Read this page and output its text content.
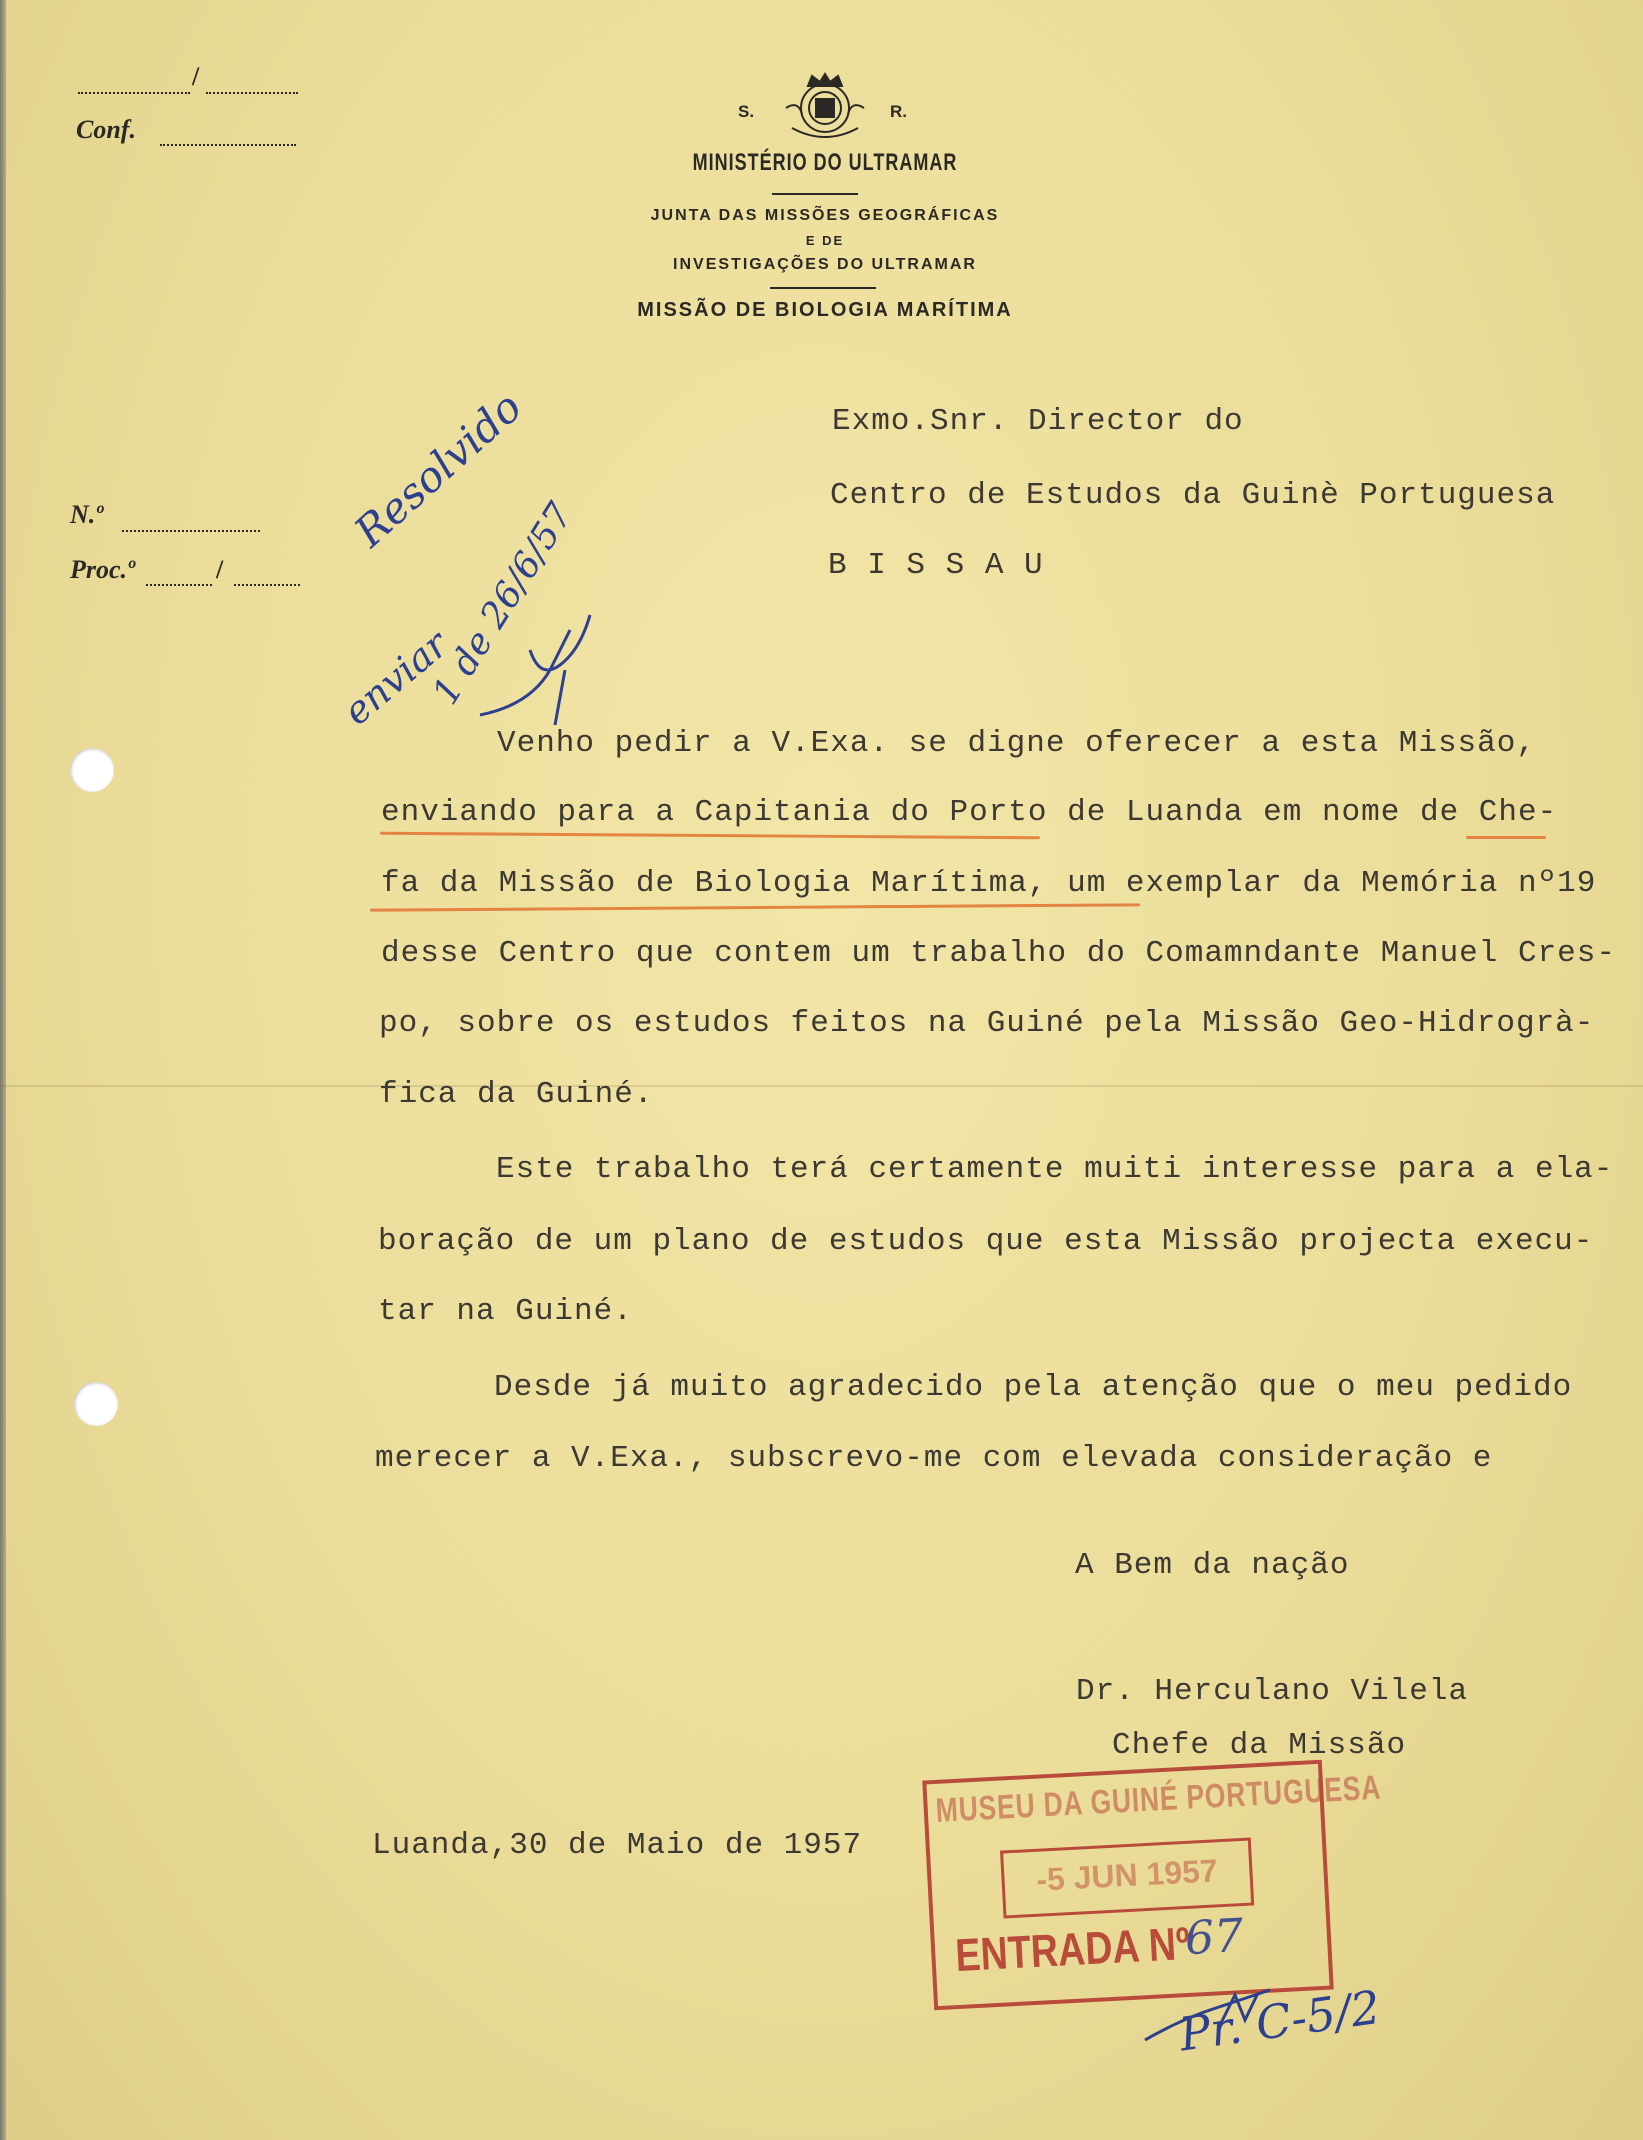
/
Conf.
N.º
Proc.º	/
S.	R.
MINISTÉRIO DO ULTRAMAR
JUNTA DAS MISSÕES GEOGRÁFICAS
E DE
INVESTIGAÇÕES DO ULTRAMAR
MISSÃO DE BIOLOGIA MARÍTIMA
Exmo.Snr. Director do
Centro de Estudos da Guinè Portuguesa
B I S S A U
Resolvido
enviar
1 de 26/6/57
Venho pedir a V.Exa. se digne oferecer a esta Missão,
enviando para a Capitania do Porto de Luanda em nome de Che-
fa da Missão de Biologia Marítima, um exemplar da Memória nº19
desse Centro que contem um trabalho do Comamndante Manuel Cres-
po, sobre os estudos feitos na Guiné pela Missão Geo-Hidrogrà-
fica da Guiné.
Este trabalho terá certamente muiti interesse para a ela-
boração de um plano de estudos que esta Missão projecta execu-
tar na Guiné.
Desde já muito agradecido pela atenção que o meu pedido
merecer a V.Exa., subscrevo-me com elevada consideração e
A Bem da nação
Dr. Herculano Vilela
Chefe da Missão
Luanda,30 de Maio de 1957
MUSEU DA GUINÉ PORTUGUESA
-5 JUN 1957
ENTRADA Nº
67
Pr. C-5/2
